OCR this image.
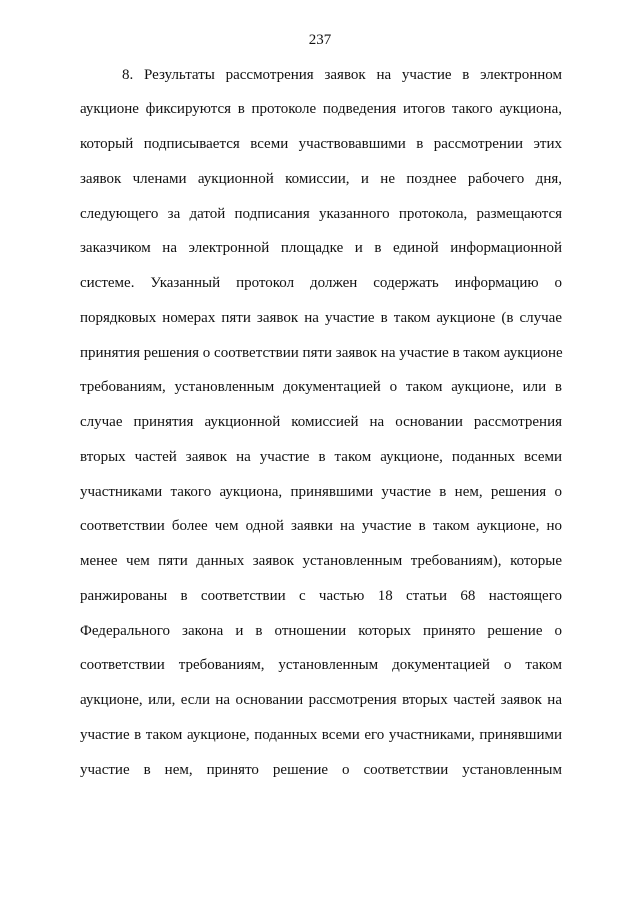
237
8. Результаты рассмотрения заявок на участие в электронном
аукционе фиксируются в протоколе подведения итогов такого аукциона,
который подписывается всеми участвовавшими в рассмотрении этих
заявок членами аукционной комиссии, и не позднее рабочего дня,
следующего за датой подписания указанного протокола, размещаются
заказчиком на электронной площадке и в единой информационной
системе. Указанный протокол должен содержать информацию о
порядковых номерах пяти заявок на участие в таком аукционе (в случае
принятия решения о соответствии пяти заявок на участие в таком аукционе
требованиям, установленным документацией о таком аукционе, или в
случае принятия аукционной комиссией на основании рассмотрения
вторых частей заявок на участие в таком аукционе, поданных всеми
участниками такого аукциона, принявшими участие в нем, решения о
соответствии более чем одной заявки на участие в таком аукционе, но
менее чем пяти данных заявок установленным требованиям), которые
ранжированы в соответствии с частью 18 статьи 68 настоящего
Федерального закона и в отношении которых принято решение о
соответствии требованиям, установленным документацией о таком
аукционе, или, если на основании рассмотрения вторых частей заявок на
участие в таком аукционе, поданных всеми его участниками, принявшими
участие в нем, принято решение о соответствии установленным
